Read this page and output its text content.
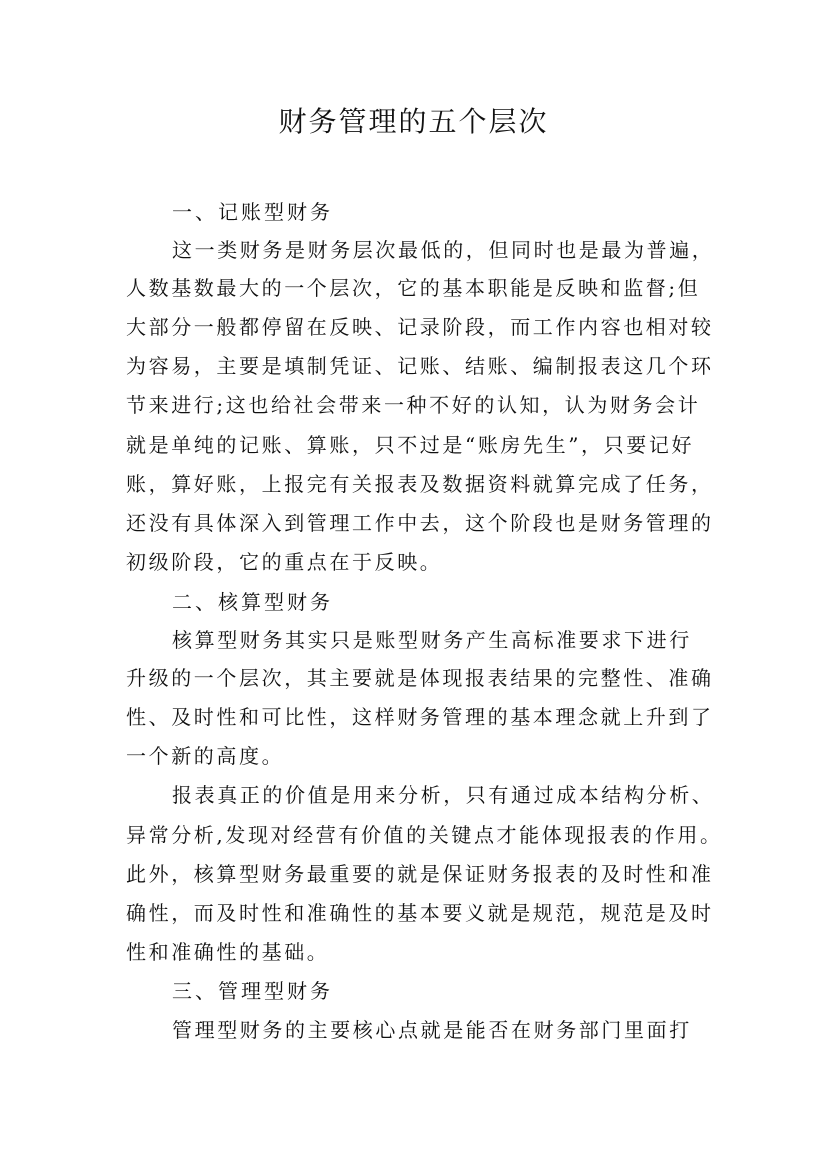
财务管理的五个层次
一、记账型财务
这一类财务是财务层次最低的，但同时也是最为普遍，
人数基数最大的一个层次，它的基本职能是反映和监督;但
大部分一般都停留在反映、记录阶段，而工作内容也相对较
为容易，主要是填制凭证、记账、结账、编制报表这几个环
节来进行;这也给社会带来一种不好的认知，认为财务会计
就是单纯的记账、算账，只不过是“账房先生”，只要记好
账，算好账，上报完有关报表及数据资料就算完成了任务，
还没有具体深入到管理工作中去，这个阶段也是财务管理的
初级阶段，它的重点在于反映。
二、核算型财务
核算型财务其实只是账型财务产生高标准要求下进行
升级的一个层次，其主要就是体现报表结果的完整性、准确
性、及时性和可比性，这样财务管理的基本理念就上升到了
一个新的高度。
报表真正的价值是用来分析，只有通过成本结构分析、
异常分析,发现对经营有价值的关键点才能体现报表的作用。
此外，核算型财务最重要的就是保证财务报表的及时性和准
确性，而及时性和准确性的基本要义就是规范，规范是及时
性和准确性的基础。
三、管理型财务
管理型财务的主要核心点就是能否在财务部门里面打
